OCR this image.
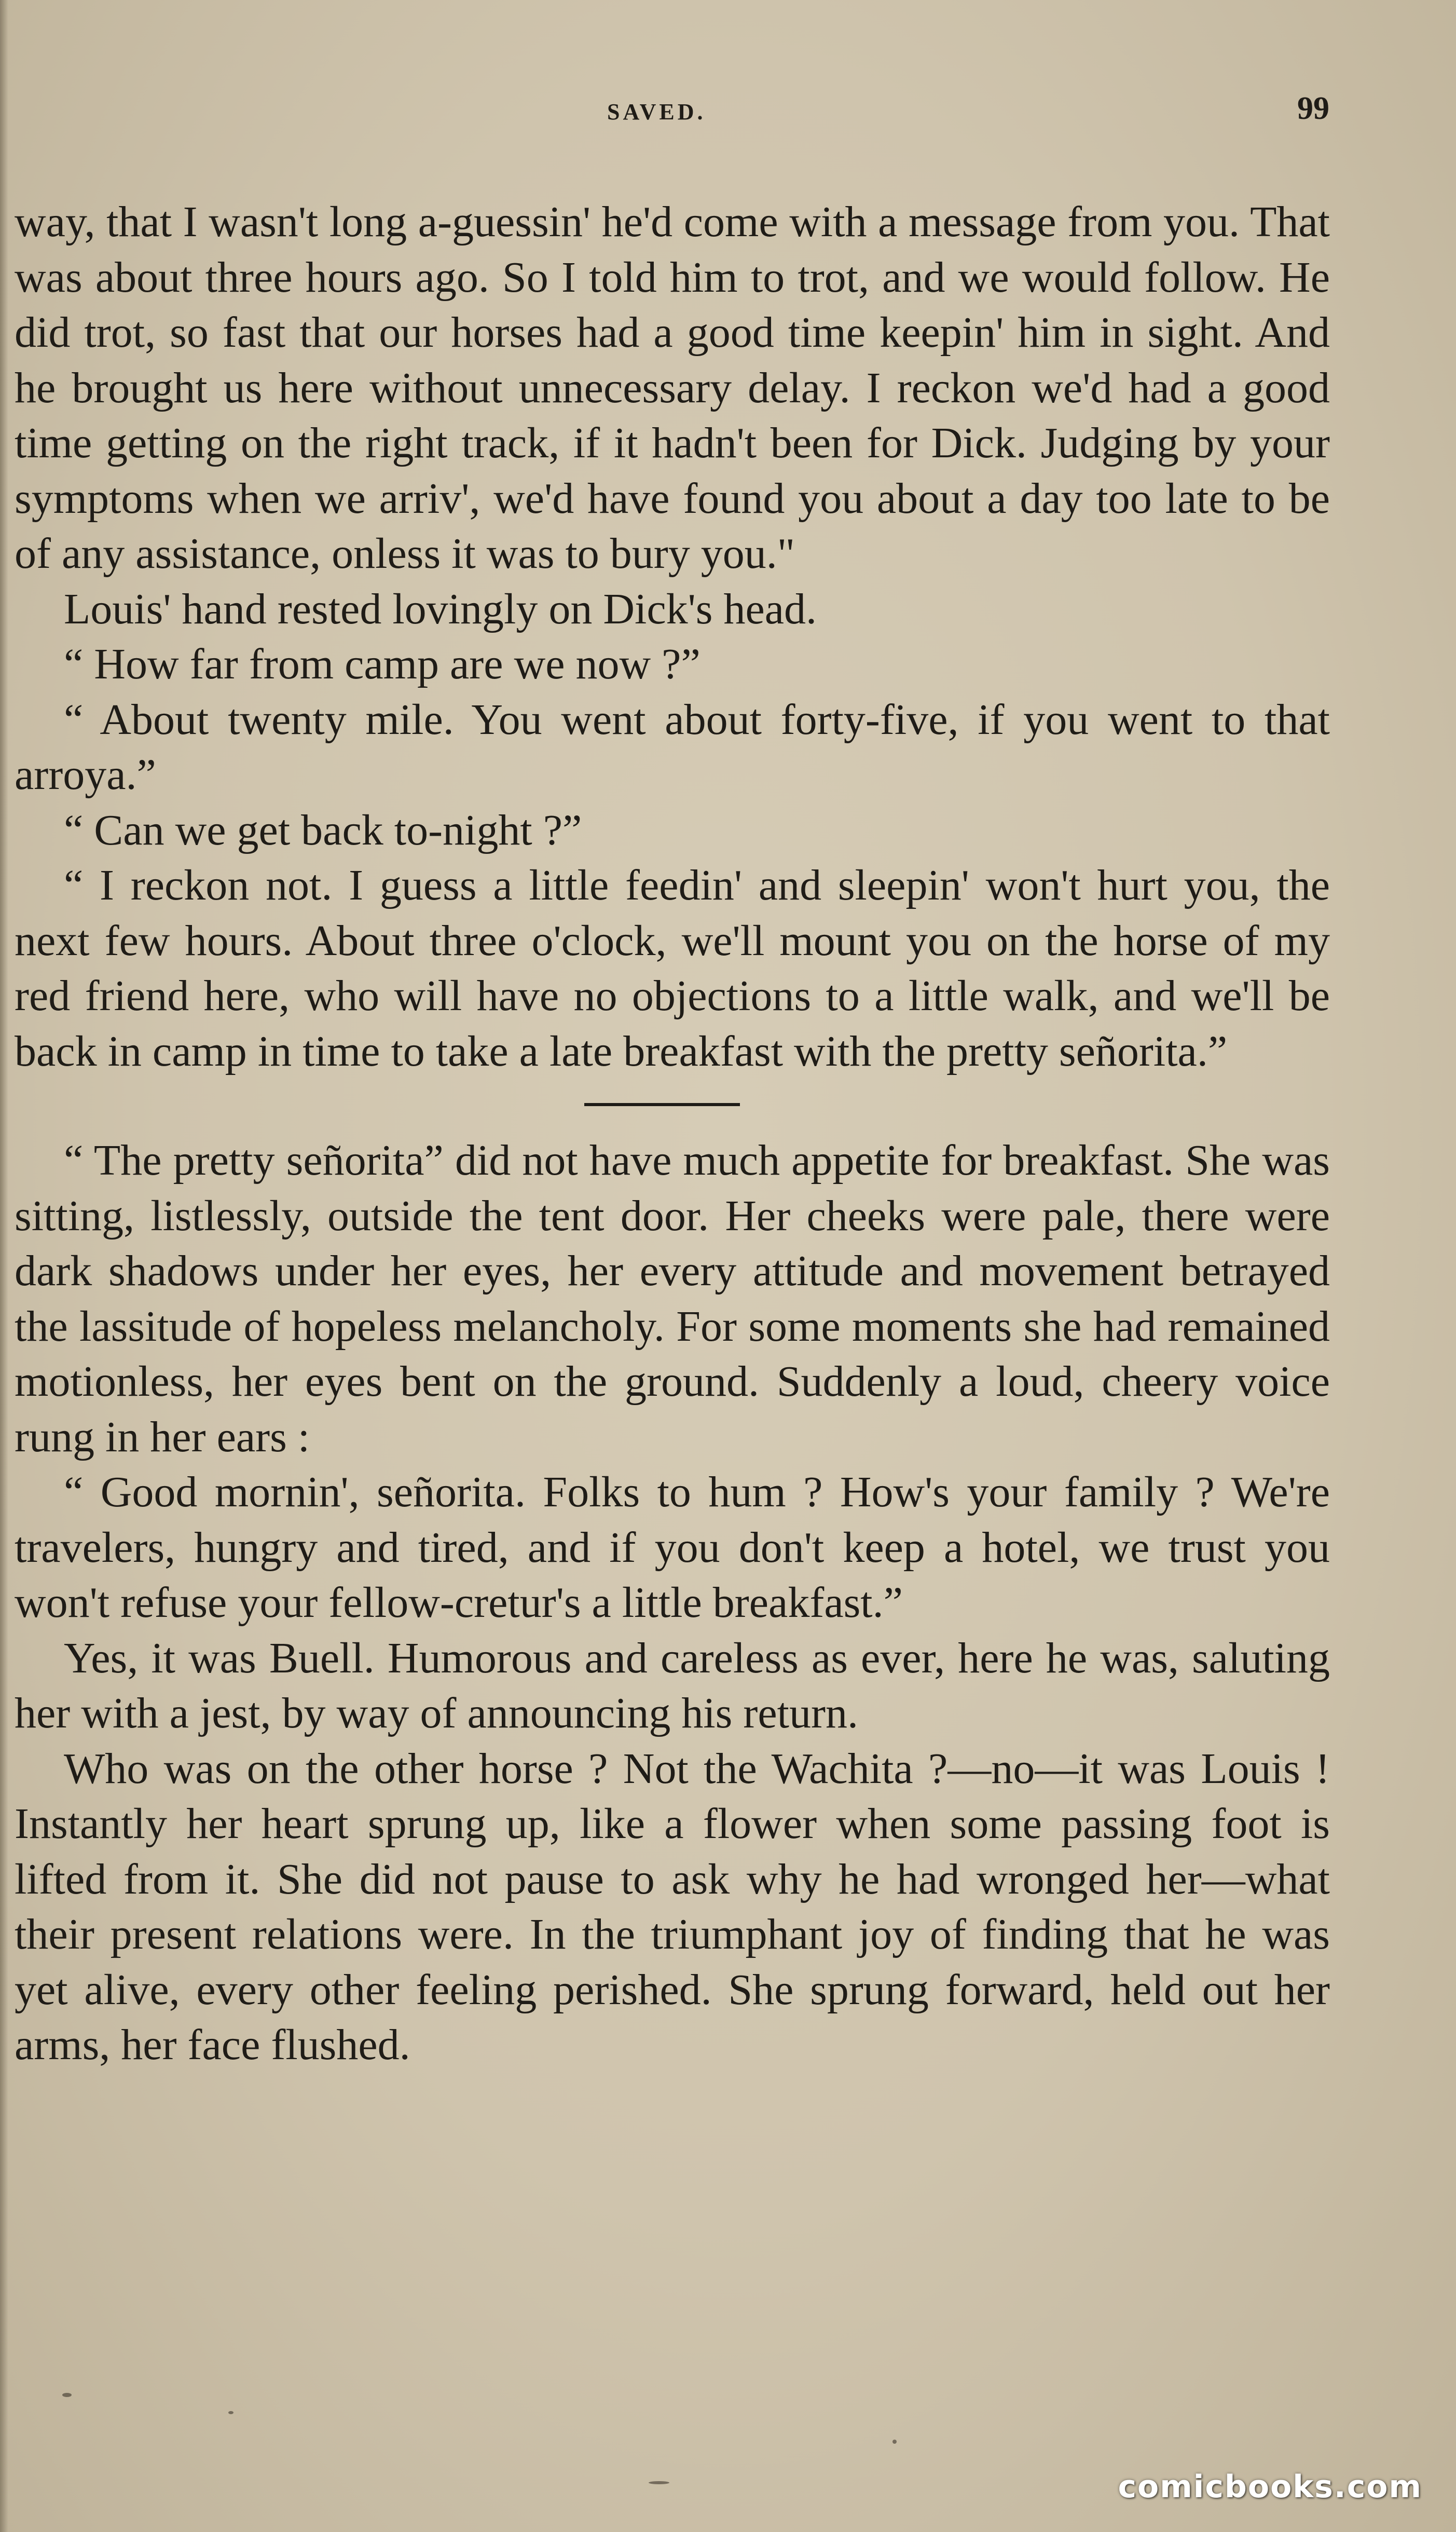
SAVED.	99

way, that I wasn't long a-guessin' he'd come with a message from you. That was about three hours ago. So I told him to trot, and we would follow. He did trot, so fast that our horses had a good time keepin' him in sight. And he brought us here without unnecessary delay. I reckon we'd had a good time getting on the right track, if it hadn't been for Dick. Judging by your symptoms when we arriv', we'd have found you about a day too late to be of any assistance, onless it was to bury you."

Louis' hand rested lovingly on Dick's head.

“ How far from camp are we now ?”

“ About twenty mile. You went about forty-five, if you went to that arroya.”

“ Can we get back to-night ?”

“ I reckon not. I guess a little feedin' and sleepin' won't hurt you, the next few hours. About three o'clock, we'll mount you on the horse of my red friend here, who will have no objections to a little walk, and we'll be back in camp in time to take a late breakfast with the pretty señorita.”

“ The pretty señorita” did not have much appetite for breakfast. She was sitting, listlessly, outside the tent door. Her cheeks were pale, there were dark shadows under her eyes, her every attitude and movement betrayed the lassitude of hopeless melancholy. For some moments she had remained motionless, her eyes bent on the ground. Suddenly a loud, cheery voice rung in her ears :

“ Good mornin', señorita. Folks to hum ? How's your family ? We're travelers, hungry and tired, and if you don't keep a hotel, we trust you won't refuse your fellow-cretur's a little breakfast.”

Yes, it was Buell. Humorous and careless as ever, here he was, saluting her with a jest, by way of announcing his return.

Who was on the other horse ? Not the Wachita ?—no—it was Louis ! Instantly her heart sprung up, like a flower when some passing foot is lifted from it. She did not pause to ask why he had wronged her—what their present relations were. In the triumphant joy of finding that he was yet alive, every other feeling perished. She sprung forward, held out her arms, her face flushed.

comicbooks.com
